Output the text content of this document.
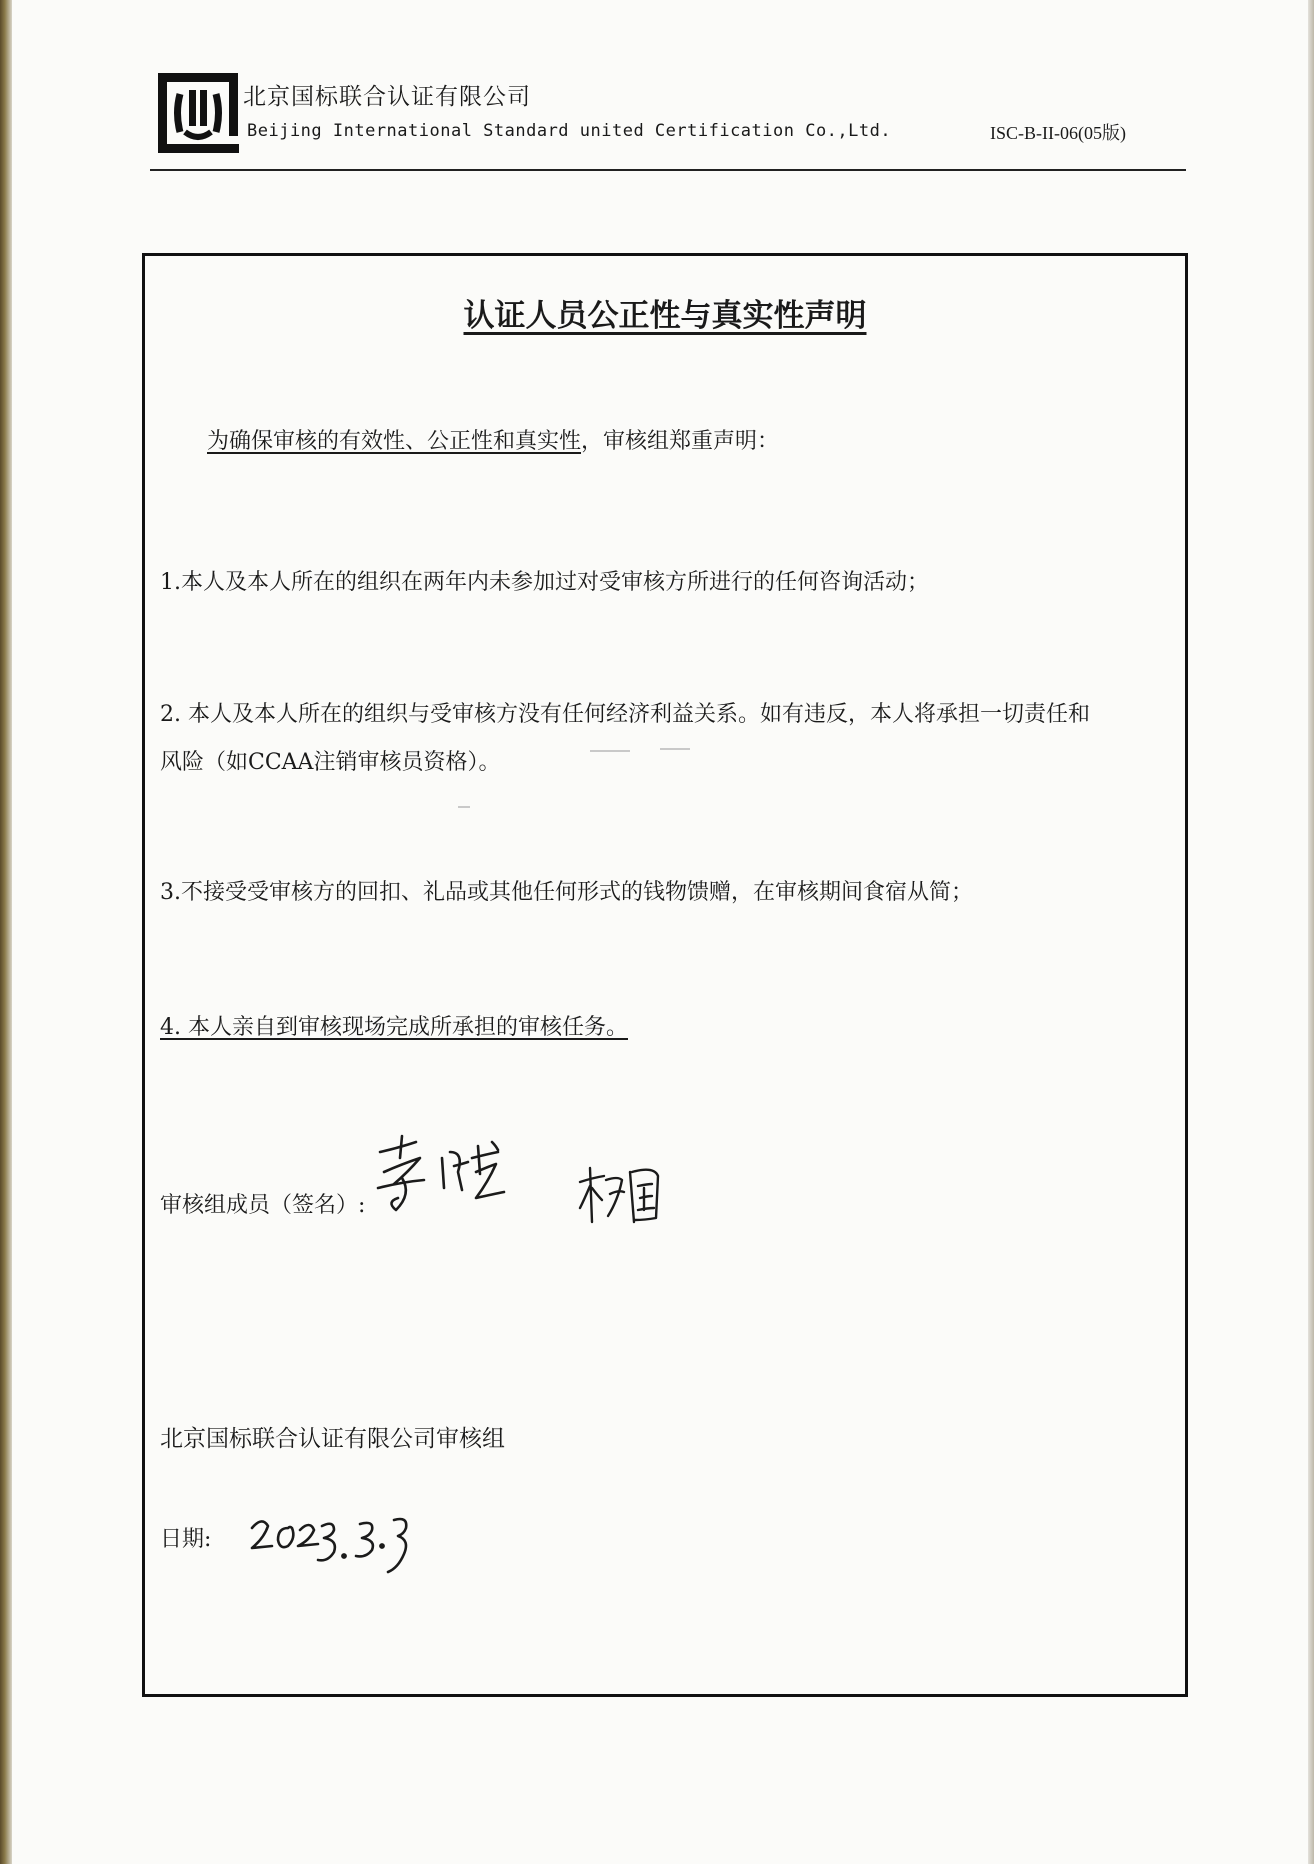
北京国标联合认证有限公司
Beijing International Standard united Certification Co.,Ltd.	ISC-B-II-06(05版)
认证人员公正性与真实性声明
为确保审核的有效性、公正性和真实性，审核组郑重声明：
1.本人及本人所在的组织在两年内未参加过对受审核方所进行的任何咨询活动；
2. 本人及本人所在的组织与受审核方没有任何经济利益关系。如有违反，本人将承担一切责任和
风险（如CCAA注销审核员资格）。
3.不接受受审核方的回扣、礼品或其他任何形式的钱物馈赠，在审核期间食宿从简；
4. 本人亲自到审核现场完成所承担的审核任务。
审核组成员（签名）:
北京国标联合认证有限公司审核组
日期:
